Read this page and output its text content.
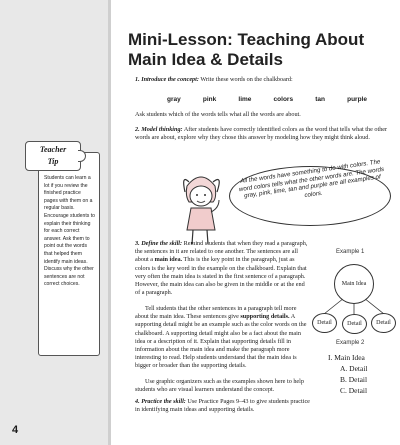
4
Teacher
Tip
Students can learn a lot if you review the finished practice pages with them on a regular basis. Encourage students to explain their thinking for each correct answer. Ask them to point out the words that helped them identify main ideas. Discuss why the other sentences are not correct choices.
Mini-Lesson: Teaching About Main Idea & Details
1. Introduce the concept: Write these words on the chalkboard:
gray	pink	lime	colors	tan	purple
Ask students which of the words tells what all the words are about.
2. Model thinking: After students have correctly identified colors as the word that tells what the other words are about, explore why they chose this answer by modeling how they might think aloud.
All the words have something to do with colors. The word colors tells what the other words are. The words gray, pink, lime, tan and purple are all examples of colors.
3. Define the skill: Remind students that when they read a paragraph, the sentences in it are related to one another. The sentences are all about a main idea. This is the key point in the paragraph, just as colors is the key word in the example on the chalkboard. Explain that very often the main idea is stated in the first sentence of a paragraph. However, the main idea can also be given in the middle or at the end of a paragraph.
Tell students that the other sentences in a paragraph tell more about the main idea. These sentences give supporting details. A supporting detail might be an example such as the color words on the chalkboard. A supporting detail might also be a fact about the main idea or a description of it. Explain that supporting details fill in information about the main idea and make the paragraph more interesting to read. Help students understand that the main idea is bigger or broader than the supporting details.
Use graphic organizers such as the examples shown here to help students who are visual learners understand the concept.
4. Practice the skill: Use Practice Pages 9–43 to give students practice in identifying main ideas and supporting details.
Example 1
Main Idea
Detail	Detail	Detail
Example 2
I. Main Idea
A. Detail
B. Detail
C. Detail
